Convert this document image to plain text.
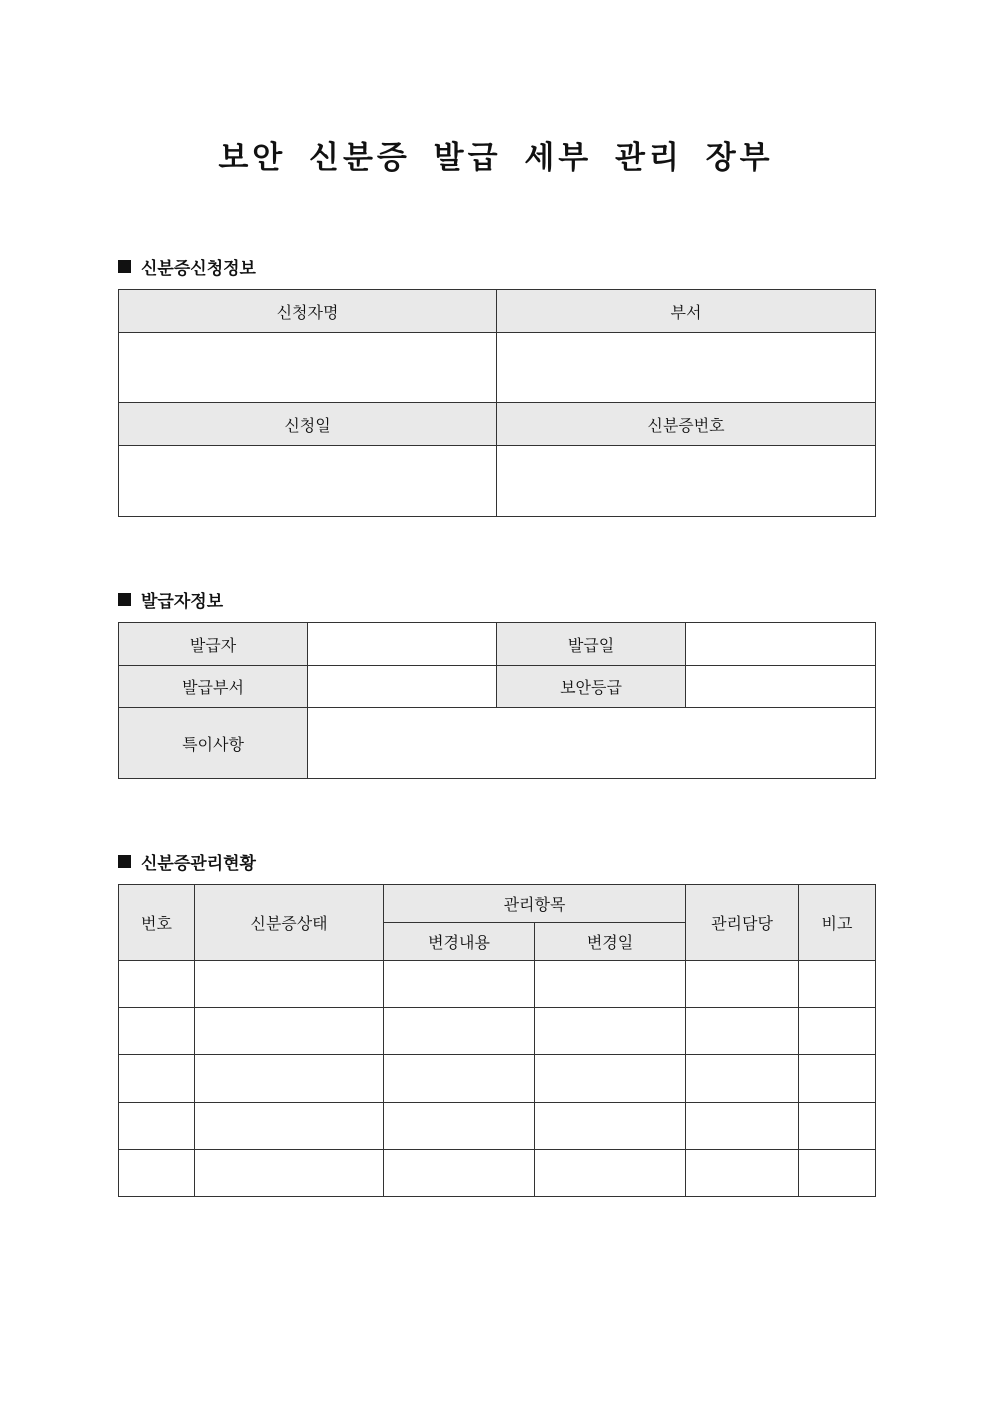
보안 신분증 발급 세부 관리 장부
신분증신청정보
신청자명	부서

신청일	신분증번호

발급자정보
발급자		발급일	
발급부서		보안등급	
특이사항			
신분증관리현황
번호	신분증상태	관리항목		관리담당	비고
		변경내용	변경일		
